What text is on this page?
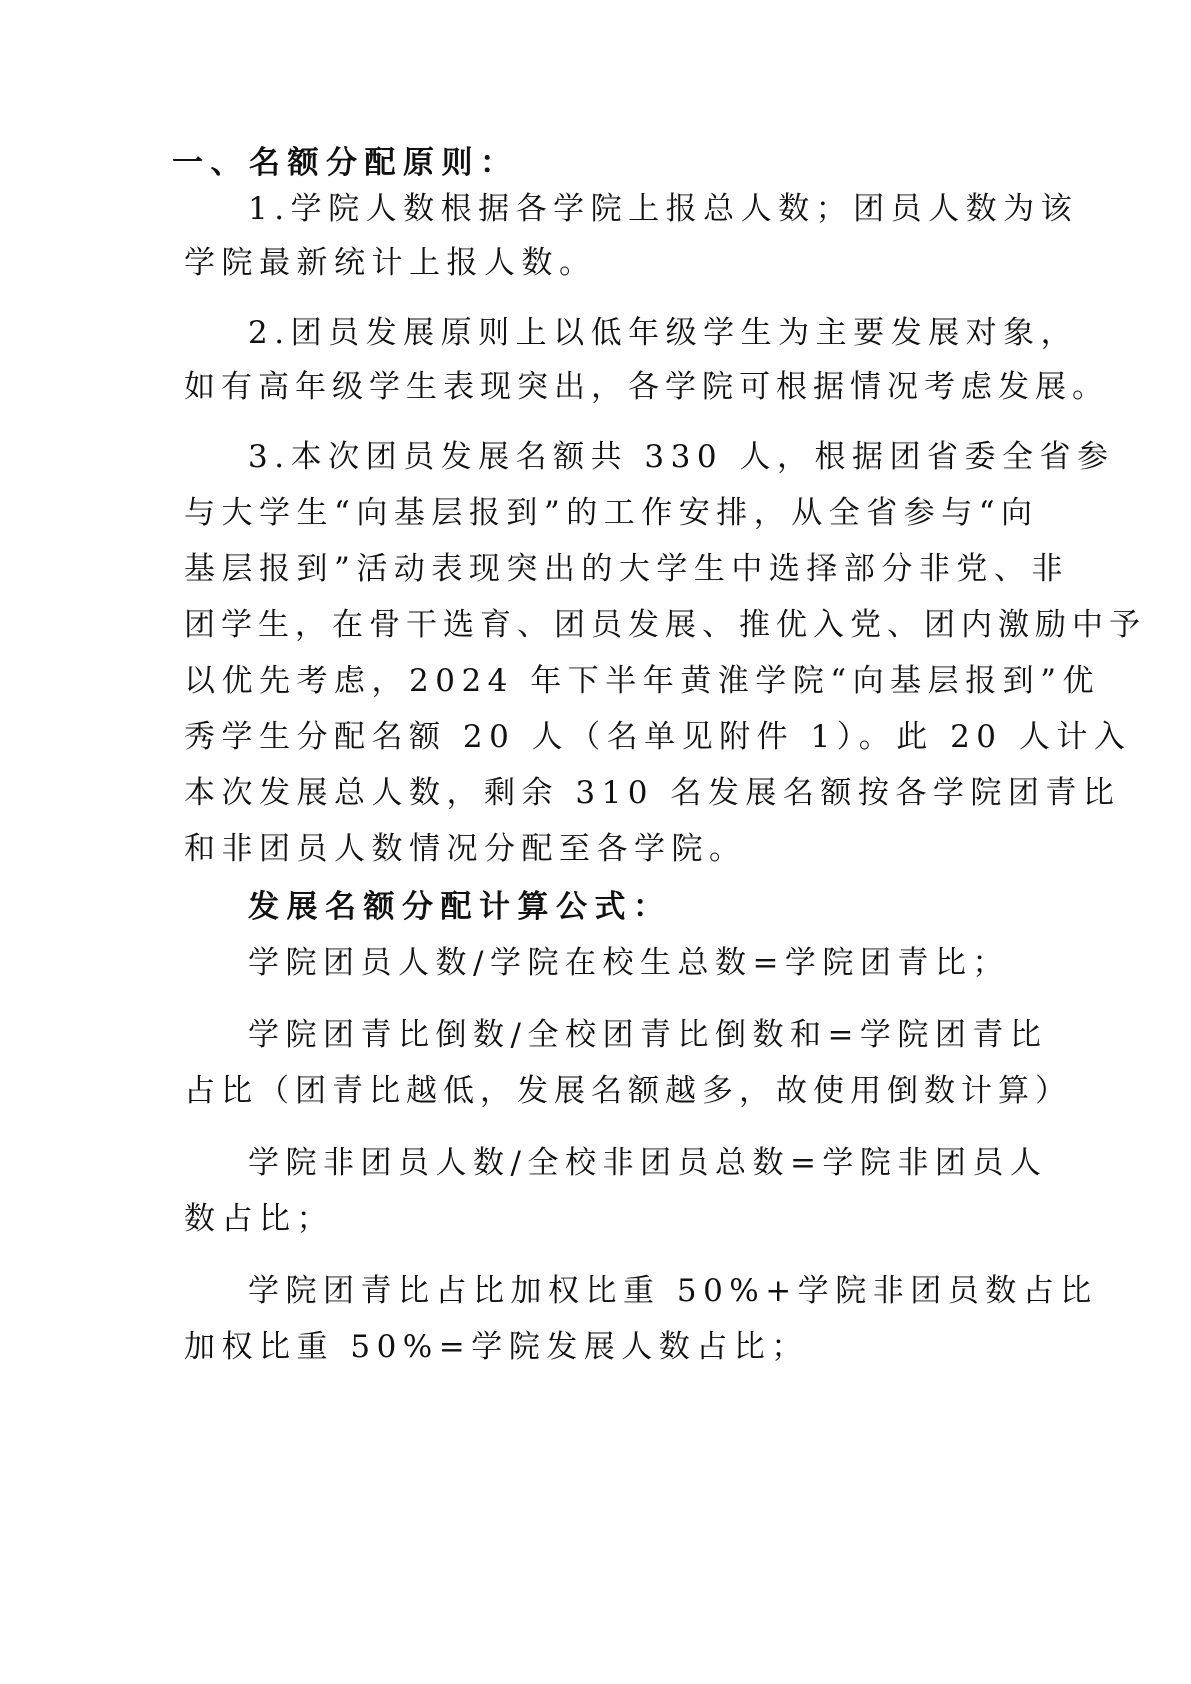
一、名额分配原则：
1.学院人数根据各学院上报总人数；团员人数为该
学院最新统计上报人数。
2.团员发展原则上以低年级学生为主要发展对象，
如有高年级学生表现突出，各学院可根据情况考虑发展。
3.本次团员发展名额共 330 人，根据团省委全省参
与大学生“向基层报到”的工作安排，从全省参与“向
基层报到”活动表现突出的大学生中选择部分非党、非
团学生，在骨干选育、团员发展、推优入党、团内激励中予
以优先考虑，2024 年下半年黄淮学院“向基层报到”优
秀学生分配名额 20 人（名单见附件 1）。此 20 人计入
本次发展总人数，剩余 310 名发展名额按各学院团青比
和非团员人数情况分配至各学院。
发展名额分配计算公式：
学院团员人数/学院在校生总数=学院团青比；
学院团青比倒数/全校团青比倒数和=学院团青比
占比（团青比越低，发展名额越多，故使用倒数计算）
学院非团员人数/全校非团员总数=学院非团员人
数占比；
学院团青比占比加权比重 50%+学院非团员数占比
加权比重 50%=学院发展人数占比；
